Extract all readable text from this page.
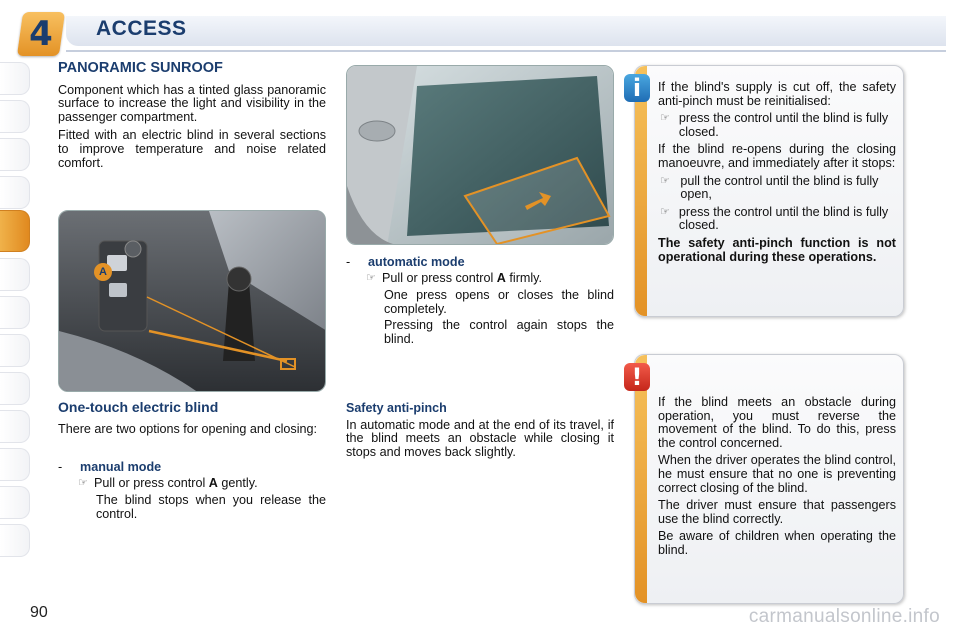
4	ACCESS
PANORAMIC SUNROOF

Component which has a tinted glass panoramic surface to increase the light and visibility in the passenger compartment.

Fitted with an electric blind in several sections to improve temperature and noise related comfort.

A
One-touch electric blind

There are two options for opening and closing:

-	manual mode
☞ Pull or press control A gently.
The blind stops when you release the control.
-	automatic mode
☞ Pull or press control A firmly.
One press opens or closes the blind completely.
Pressing the control again stops the blind.
Safety anti-pinch

In automatic mode and at the end of its travel, if the blind meets an obstacle while closing it stops and moves back slightly.

i	If the blind's supply is cut off, the safety anti-pinch must be reinitialised:

☞ press the control until the blind is fully closed.

If the blind re-opens during the closing manoeuvre, and immediately after it stops:

☞ pull the control until the blind is fully open,
☞ press the control until the blind is fully closed.

The safety anti-pinch function is not operational during these operations.

!

If the blind meets an obstacle during operation, you must reverse the movement of the blind. To do this, press the control concerned.

When the driver operates the blind control, he must ensure that no one is preventing correct closing of the blind.

The driver must ensure that passengers use the blind correctly.

Be aware of children when operating the blind.

90	carmanualsonline.info
